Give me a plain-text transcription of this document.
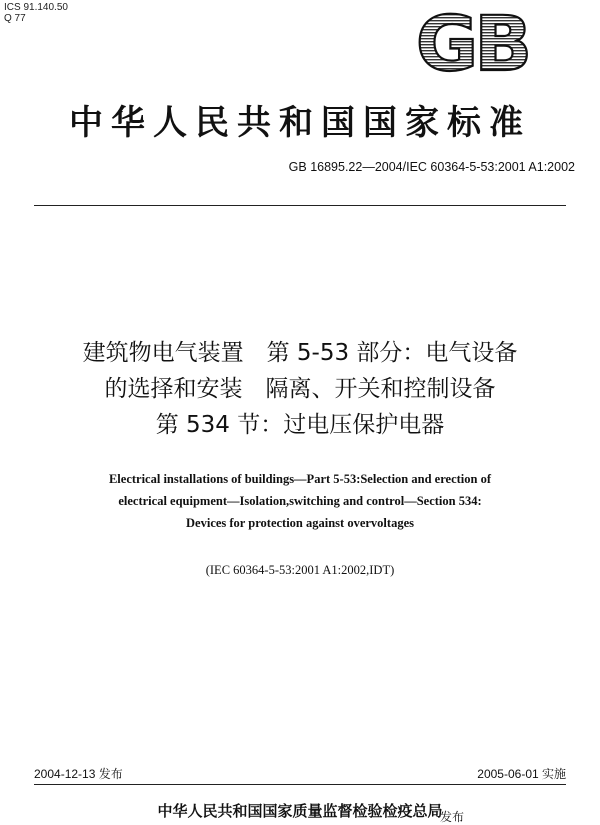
ICS 91.140.50
Q 77	GB
中华人民共和国国家标准
GB 16895.22—2004/IEC 60364-5-53:2001 A1:2002
建筑物电气装置　第 5-53 部分：电气设备
的选择和安装　隔离、开关和控制设备
第 534 节：过电压保护电器
Electrical installations of buildings—Part 5-53:Selection and erection of
electrical equipment—Isolation,switching and control—Section 534:
Devices for protection against overvoltages
(IEC 60364-5-53:2001 A1:2002,IDT)
2004-12-13 发布	2005-06-01 实施
中华人民共和国国家质量监督检验检疫总局
发布
